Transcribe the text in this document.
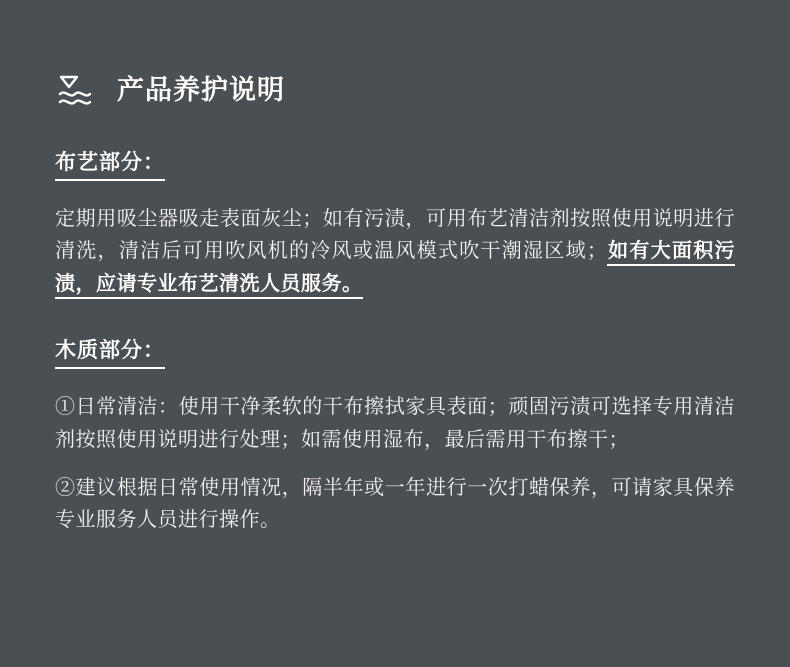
产品养护说明
布艺部分：

定期用吸尘器吸走表面灰尘；如有污渍，可用布艺清洁剂按照使用说明进行清洗，清洁后可用吹风机的冷风或温风模式吹干潮湿区域；如有大面积污渍，应请专业布艺清洗人员服务。

木质部分：

①日常清洁：使用干净柔软的干布擦拭家具表面；顽固污渍可选择专用清洁剂按照使用说明进行处理；如需使用湿布，最后需用干布擦干；

②建议根据日常使用情况，隔半年或一年进行一次打蜡保养，可请家具保养专业服务人员进行操作。
